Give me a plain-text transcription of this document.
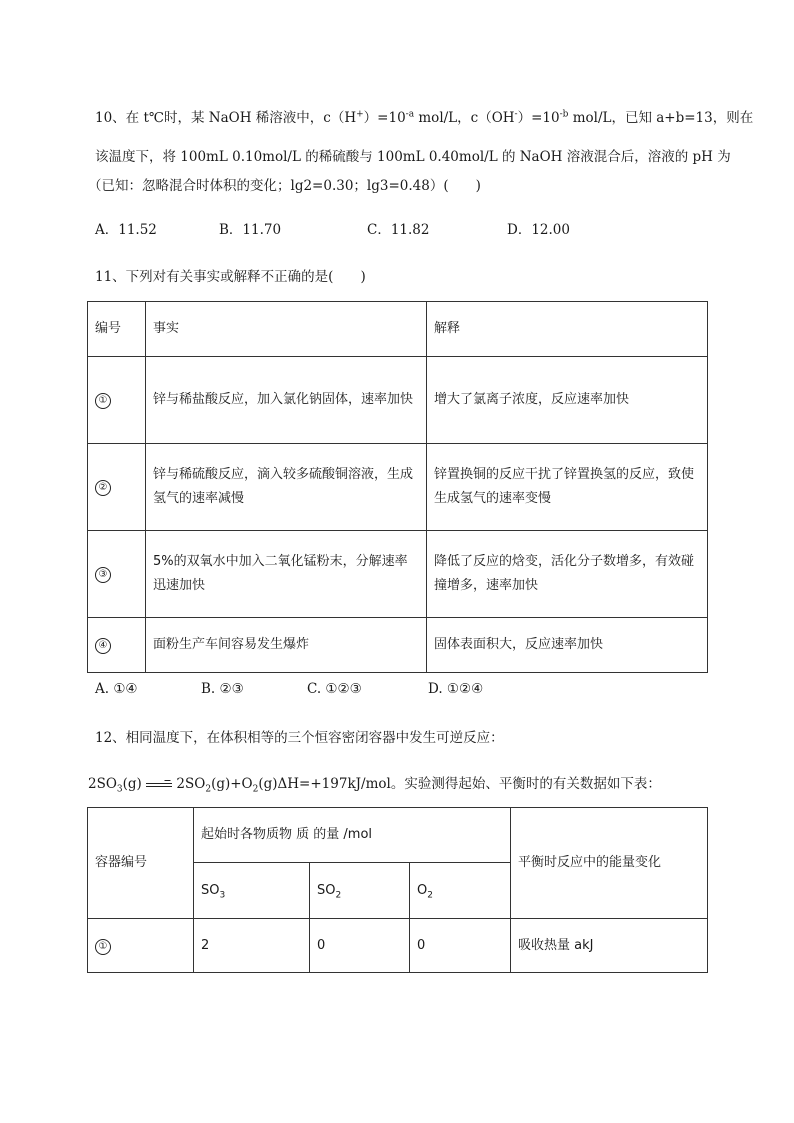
10、在 t℃时，某 NaOH 稀溶液中，$c(H^+)=10^{-a}$ mol/L，$c(OH^-)=10^{-b}$ mol/L，已知 a+b=13，则在
该温度下，将 100mL 0.10mol/L 的稀硫酸与 100mL 0.40mol/L 的 NaOH 溶液混合后，溶液的 pH 为
（已知：忽略混合时体积的变化；lg2=0.30；lg3=0.48）(　　)
A．11.52	B．11.70	C．11.82	D．12.00
11、下列对有关事实或解释不正确的是(　　)
编号	事实	解释
①	锌与稀盐酸反应，加入氯化钠固体，速率加快	增大了氯离子浓度，反应速率加快
②	锌与稀硫酸反应，滴入较多硫酸铜溶液，生成氢气的速率减慢	锌置换铜的反应干扰了锌置换氢的反应，致使生成氢气的速率变慢
③	5%的双氧水中加入二氧化锰粉末，分解速率迅速加快	降低了反应的焓变，活化分子数增多，有效碰撞增多，速率加快
④	面粉生产车间容易发生爆炸	固体表面积大，反应速率加快
A. ①④	B. ②③	C. ①②③	D. ①②④
12、相同温度下，在体积相等的三个恒容密闭容器中发生可逆反应：
$2SO_3(g) \to 2SO_2(g)+O_2(g)\Delta H=+197kJ/mol$。实验测得起始、平衡时的有关数据如下表：
容器编号	起始时各物质物 质 的量 /mol			平衡时反应中的能量变化
	$SO_3$	$SO_2$	$O_2$
①	2	0	0	吸收热量 akJ
